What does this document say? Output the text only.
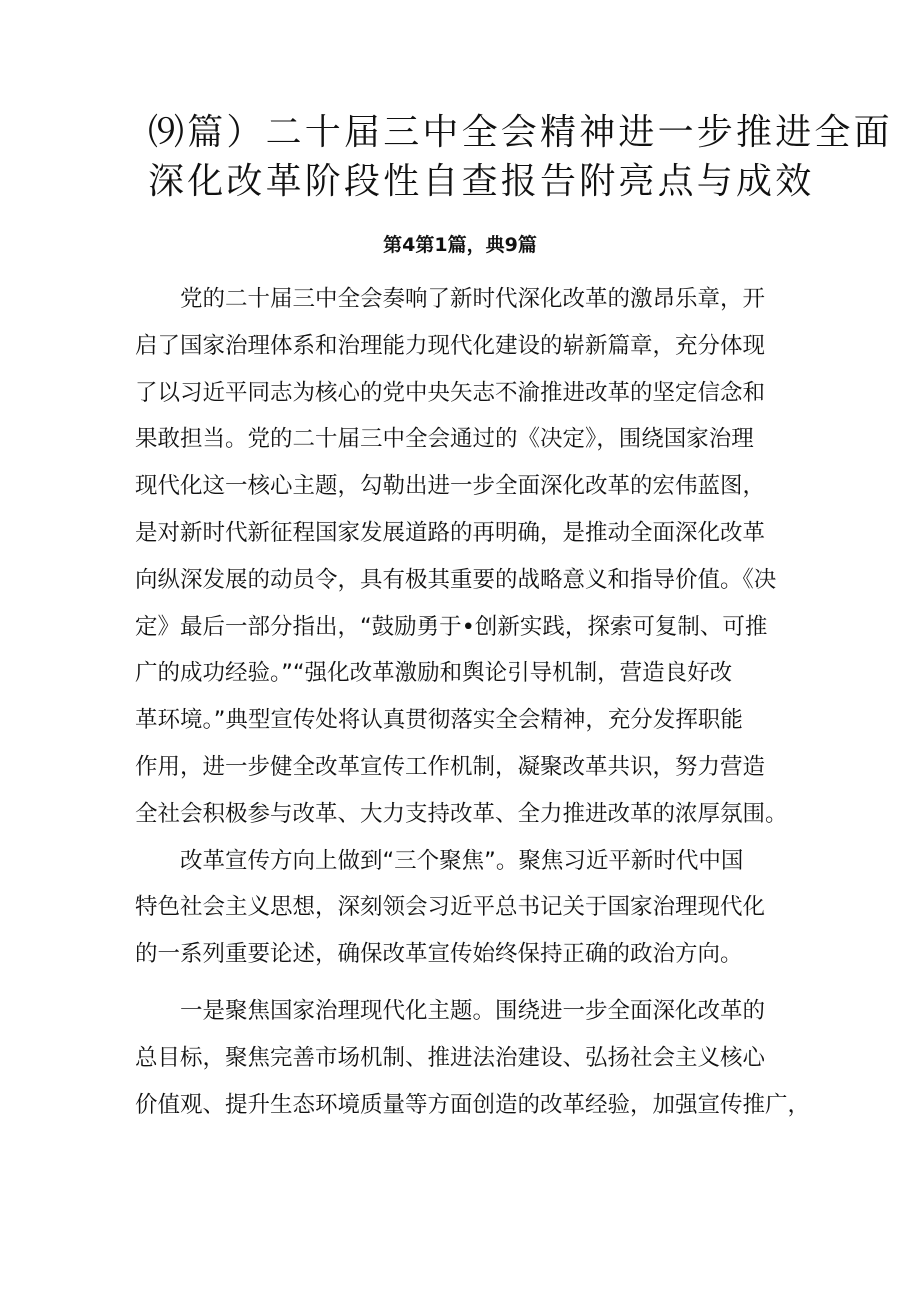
⑼篇）二十届三中全会精神进一步推进全面
深化改革阶段性自查报告附亮点与成效

第4第1篇，典9篇

党的二十届三中全会奏响了新时代深化改革的激昂乐章，开
启了国家治理体系和治理能力现代化建设的崭新篇章，充分体现
了以习近平同志为核心的党中央矢志不渝推进改革的坚定信念和
果敢担当。党的二十届三中全会通过的《决定》，围绕国家治理
现代化这一核心主题，勾勒出进一步全面深化改革的宏伟蓝图，
是对新时代新征程国家发展道路的再明确，是推动全面深化改革
向纵深发展的动员令，具有极其重要的战略意义和指导价值。《决
定》最后一部分指出，“鼓励勇于•创新实践，探索可复制、可推
广的成功经验。”“强化改革激励和舆论引导机制，营造良好改
革环境。”典型宣传处将认真贯彻落实全会精神，充分发挥职能
作用，进一步健全改革宣传工作机制，凝聚改革共识，努力营造
全社会积极参与改革、大力支持改革、全力推进改革的浓厚氛围。

改革宣传方向上做到“三个聚焦”。聚焦习近平新时代中国
特色社会主义思想，深刻领会习近平总书记关于国家治理现代化
的一系列重要论述，确保改革宣传始终保持正确的政治方向。

一是聚焦国家治理现代化主题。围绕进一步全面深化改革的
总目标，聚焦完善市场机制、推进法治建设、弘扬社会主义核心
价值观、提升生态环境质量等方面创造的改革经验，加强宣传推广，
